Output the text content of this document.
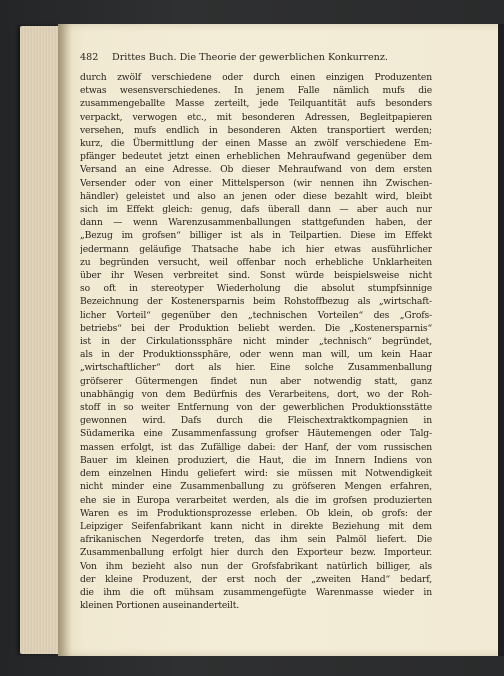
482 Drittes Buch. Die Theorie der gewerblichen Konkurrenz.
durch zwölf verschiedene oder durch einen einzigen Produzenten
etwas wesensverschiedenes. In jenem Falle nämlich mufs die
zusammengeballte Masse zerteilt, jede Teilquantität aufs besonders
verpackt, verwogen etc., mit besonderen Adressen, Begleitpapieren
versehen, mufs endlich in besonderen Akten transportiert werden;
kurz, die Übermittlung der einen Masse an zwölf verschiedene Em-
pfänger bedeutet jetzt einen erheblichen Mehraufwand gegenüber dem
Versand an eine Adresse. Ob dieser Mehraufwand von dem ersten
Versender oder von einer Mittelsperson (wir nennen ihn Zwischen-
händler) geleistet und also an jenen oder diese bezahlt wird, bleibt
sich im Effekt gleich: genug, dafs überall dann — aber auch nur
dann — wenn Warenzusammenballungen stattgefunden haben, der
„Bezug im grofsen“ billiger ist als in Teilpartien. Diese im Effekt
jedermann geläufige Thatsache habe ich hier etwas ausführlicher
zu begründen versucht, weil offenbar noch erhebliche Unklarheiten
über ihr Wesen verbreitet sind. Sonst würde beispielsweise nicht
so oft in stereotyper Wiederholung die absolut stumpfsinnige
Bezeichnung der Kostenersparnis beim Rohstoffbezug als „wirtschaft-
licher Vorteil“ gegenüber den „technischen Vorteilen“ des „Grofs-
betriebs“ bei der Produktion beliebt werden. Die „Kostenersparnis“
ist in der Cirkulationssphäre nicht minder „technisch“ begründet,
als in der Produktionssphäre, oder wenn man will, um kein Haar
„wirtschaftlicher“ dort als hier. Eine solche Zusammenballung
gröfserer Gütermengen findet nun aber notwendig statt, ganz
unabhängig von dem Bedürfnis des Verarbeitens, dort, wo der Roh-
stoff in so weiter Entfernung von der gewerblichen Produktionsstätte
gewonnen wird. Dafs durch die Fleischextraktkompagnien in
Südamerika eine Zusammenfassung grofser Häutemengen oder Talg-
massen erfolgt, ist das Zufällige dabei: der Hanf, der vom russischen
Bauer im kleinen produziert, die Haut, die im Innern Indiens von
dem einzelnen Hindu geliefert wird: sie müssen mit Notwendigkeit
nicht minder eine Zusammenballung zu gröfseren Mengen erfahren,
ehe sie in Europa verarbeitet werden, als die im grofsen produzierten
Waren es im Produktionsprozesse erleben. Ob klein, ob grofs: der
Leipziger Seifenfabrikant kann nicht in direkte Beziehung mit dem
afrikanischen Negerdorfe treten, das ihm sein Palmöl liefert. Die
Zusammenballung erfolgt hier durch den Exporteur bezw. Importeur.
Von ihm bezieht also nun der Grofsfabrikant natürlich billiger, als
der kleine Produzent, der erst noch der „zweiten Hand“ bedarf,
die ihm die oft mühsam zusammengefügte Warenmasse wieder in
kleinen Portionen auseinanderteilt.
